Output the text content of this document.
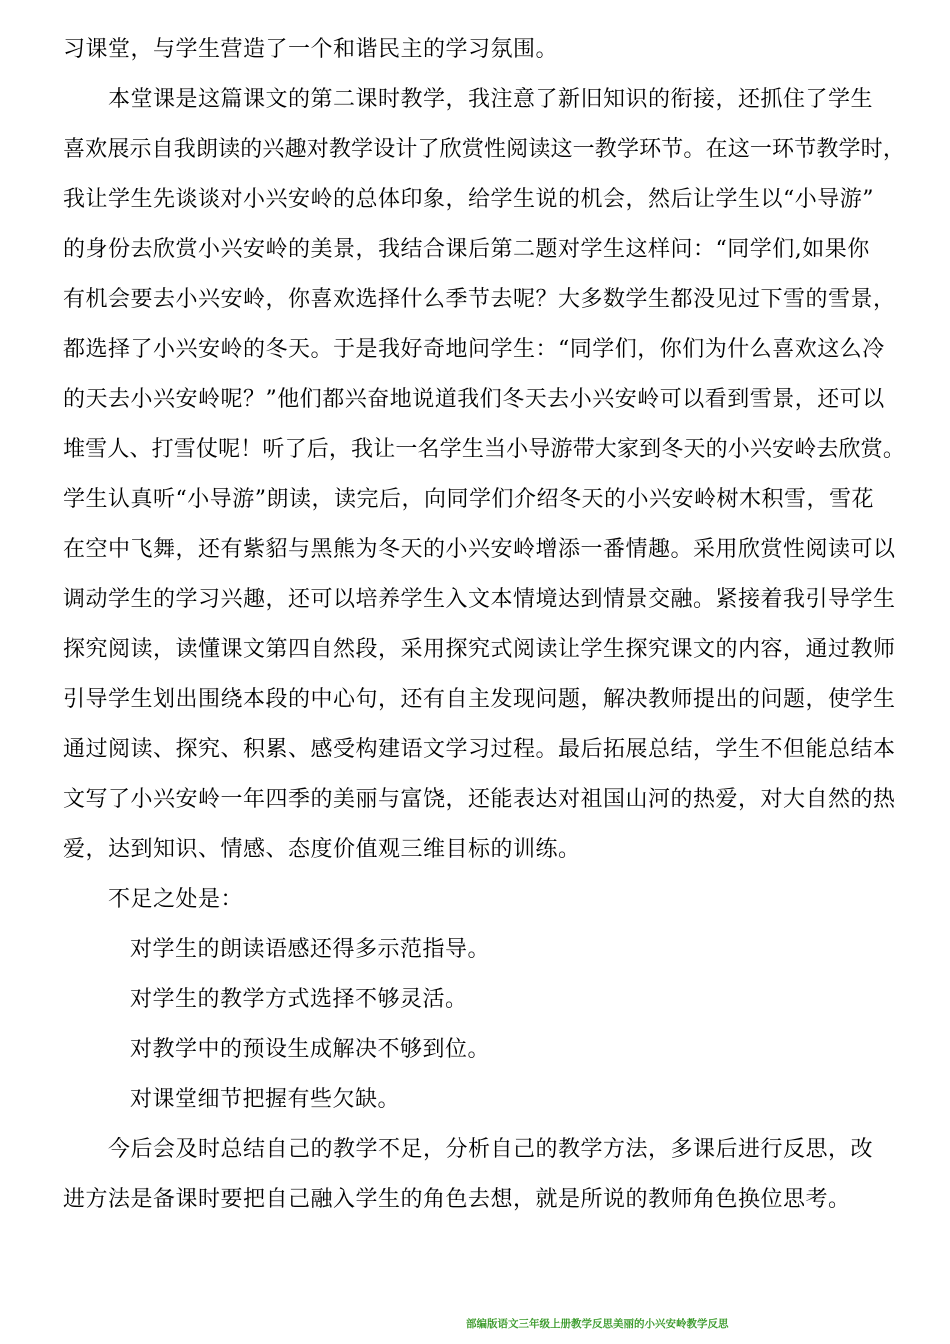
习课堂，与学生营造了一个和谐民主的学习氛围。
本堂课是这篇课文的第二课时教学，我注意了新旧知识的衔接，还抓住了学生
喜欢展示自我朗读的兴趣对教学设计了欣赏性阅读这一教学环节。在这一环节教学时，
我让学生先谈谈对小兴安岭的总体印象，给学生说的机会，然后让学生以“小导游”
的身份去欣赏小兴安岭的美景，我结合课后第二题对学生这样问：“同学们,如果你
有机会要去小兴安岭，你喜欢选择什么季节去呢？大多数学生都没见过下雪的雪景，
都选择了小兴安岭的冬天。于是我好奇地问学生：“同学们，你们为什么喜欢这么冷
的天去小兴安岭呢？”他们都兴奋地说道我们冬天去小兴安岭可以看到雪景，还可以
堆雪人、打雪仗呢！听了后，我让一名学生当小导游带大家到冬天的小兴安岭去欣赏。
学生认真听“小导游”朗读，读完后，向同学们介绍冬天的小兴安岭树木积雪，雪花
在空中飞舞，还有紫貂与黑熊为冬天的小兴安岭增添一番情趣。采用欣赏性阅读可以
调动学生的学习兴趣，还可以培养学生入文本情境达到情景交融。紧接着我引导学生
探究阅读，读懂课文第四自然段，采用探究式阅读让学生探究课文的内容，通过教师
引导学生划出围绕本段的中心句，还有自主发现问题，解决教师提出的问题，使学生
通过阅读、探究、积累、感受构建语文学习过程。最后拓展总结，学生不但能总结本
文写了小兴安岭一年四季的美丽与富饶，还能表达对祖国山河的热爱，对大自然的热
爱，达到知识、情感、态度价值观三维目标的训练。
不足之处是：
对学生的朗读语感还得多示范指导。
对学生的教学方式选择不够灵活。
对教学中的预设生成解决不够到位。
对课堂细节把握有些欠缺。
今后会及时总结自己的教学不足，分析自己的教学方法，多课后进行反思，改
进方法是备课时要把自己融入学生的角色去想，就是所说的教师角色换位思考。
部编版语文三年级上册教学反思美丽的小兴安岭教学反思
